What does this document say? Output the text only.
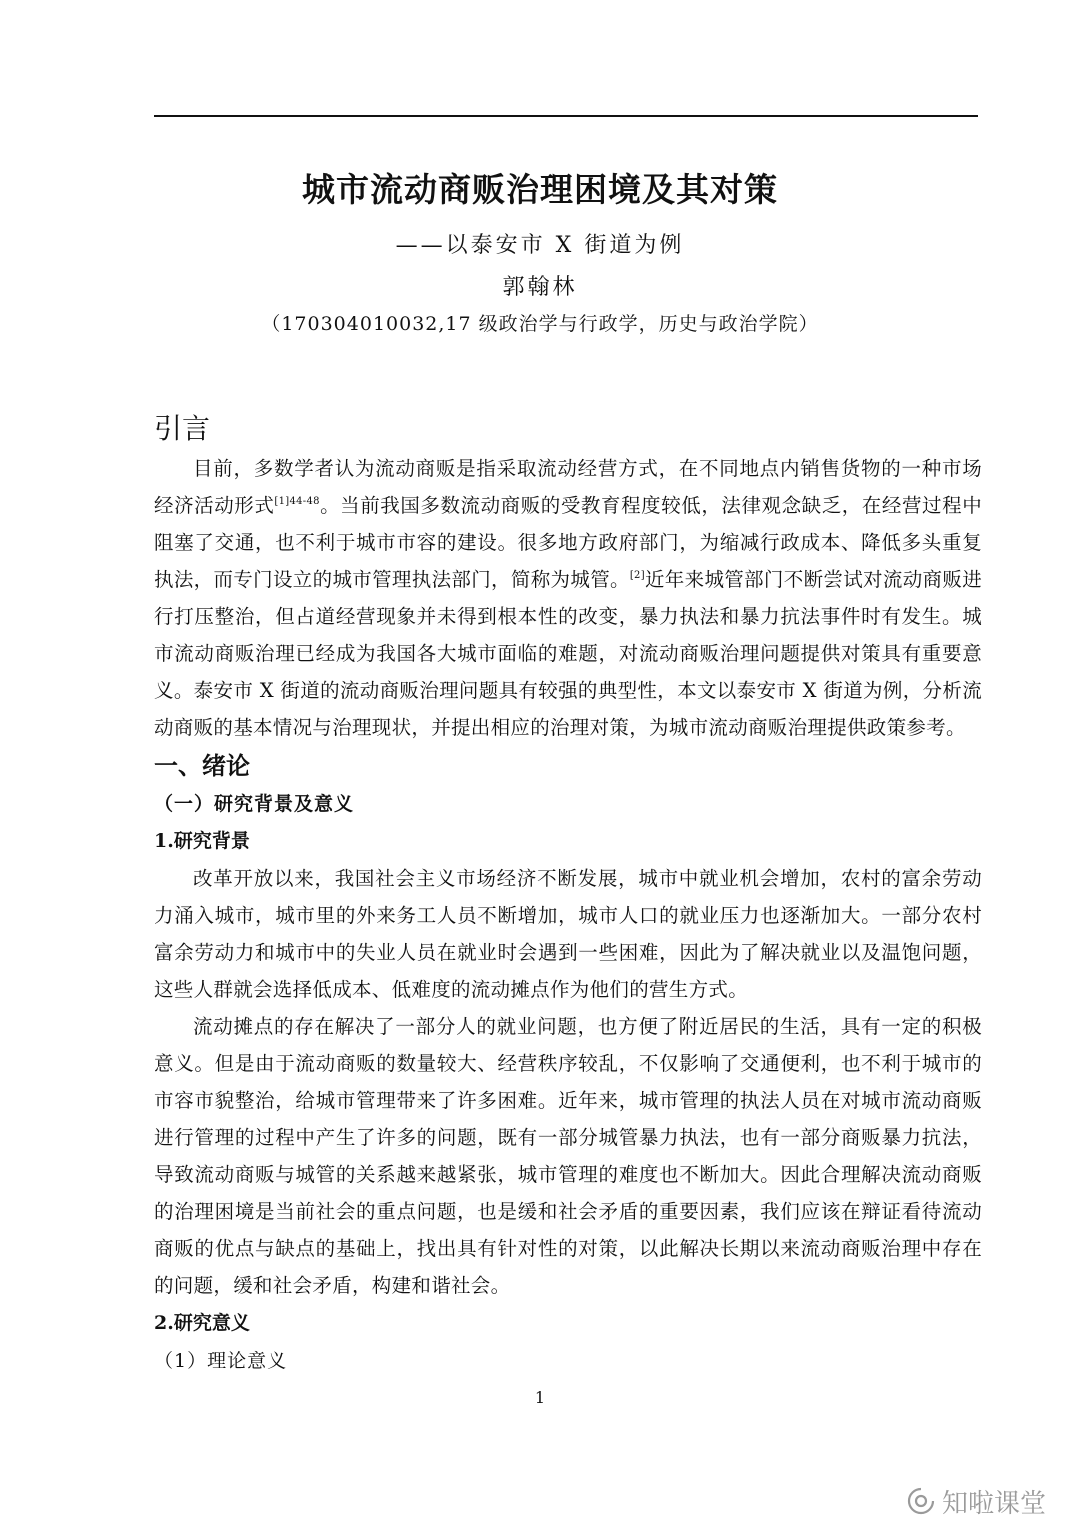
城市流动商贩治理困境及其对策
——以泰安市 X 街道为例
郭翰林
（170304010032,17 级政治学与行政学，历史与政治学院）
引言

目前，多数学者认为流动商贩是指采取流动经营方式，在不同地点内销售货物的一种市场经济活动形式$^{[1]44-48}$。当前我国多数流动商贩的受教育程度较低，法律观念缺乏，在经营过程中阻塞了交通，也不利于城市市容的建设。很多地方政府部门，为缩减行政成本、降低多头重复执法，而专门设立的城市管理执法部门，简称为城管。[2]近年来城管部门不断尝试对流动商贩进行打压整治，但占道经营现象并未得到根本性的改变，暴力执法和暴力抗法事件时有发生。城市流动商贩治理已经成为我国各大城市面临的难题，对流动商贩治理问题提供对策具有重要意义。泰安市 X 街道的流动商贩治理问题具有较强的典型性，本文以泰安市 X 街道为例，分析流动商贩的基本情况与治理现状，并提出相应的治理对策，为城市流动商贩治理提供政策参考。

一、绪论
（一）研究背景及意义
1.研究背景

改革开放以来，我国社会主义市场经济不断发展，城市中就业机会增加，农村的富余劳动力涌入城市，城市里的外来务工人员不断增加，城市人口的就业压力也逐渐加大。一部分农村富余劳动力和城市中的失业人员在就业时会遇到一些困难，因此为了解决就业以及温饱问题，这些人群就会选择低成本、低难度的流动摊点作为他们的营生方式。

流动摊点的存在解决了一部分人的就业问题，也方便了附近居民的生活，具有一定的积极意义。但是由于流动商贩的数量较大、经营秩序较乱，不仅影响了交通便利，也不利于城市的市容市貌整治，给城市管理带来了许多困难。近年来，城市管理的执法人员在对城市流动商贩进行管理的过程中产生了许多的问题，既有一部分城管暴力执法，也有一部分商贩暴力抗法，导致流动商贩与城管的关系越来越紧张，城市管理的难度也不断加大。因此合理解决流动商贩的治理困境是当前社会的重点问题，也是缓和社会矛盾的重要因素，我们应该在辩证看待流动商贩的优点与缺点的基础上，找出具有针对性的对策，以此解决长期以来流动商贩治理中存在的问题，缓和社会矛盾，构建和谐社会。

2.研究意义

（1）理论意义

1
知啦课堂
